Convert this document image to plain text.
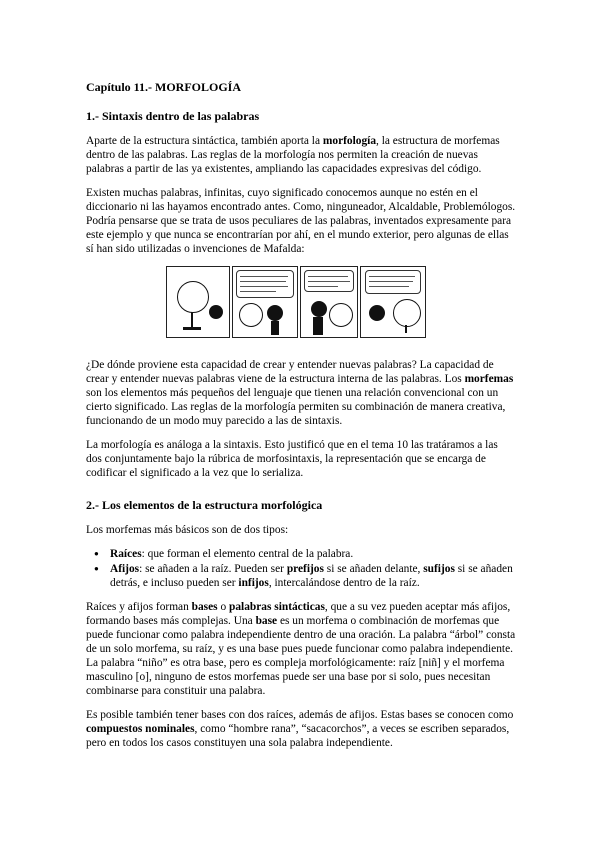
Capítulo 11.- MORFOLOGÍA
1.- Sintaxis dentro de las palabras

Aparte de la estructura sintáctica, también aporta la morfología, la estructura de morfemas dentro de las palabras. Las reglas de la morfología nos permiten la creación de nuevas palabras a partir de las ya existentes, ampliando las capacidades expresivas del código.

Existen muchas palabras, infinitas, cuyo significado conocemos aunque no estén en el diccionario ni las hayamos encontrado antes. Como, ninguneador, Alcaldable, Problemólogos. Podría pensarse que se trata de usos peculiares de las palabras, inventados expresamente para este ejemplo y que nunca se encontrarían por ahí, en el mundo exterior, pero algunas de ellas sí han sido utilizadas o invenciones de Mafalda:

¿De dónde proviene esta capacidad de crear y entender nuevas palabras? La capacidad de crear y entender nuevas palabras viene de la estructura interna de las palabras. Los morfemas son los elementos más pequeños del lenguaje que tienen una relación convencional con un cierto significado. Las reglas de la morfología permiten su combinación de manera creativa, funcionando de un modo muy parecido a las de sintaxis.

La morfología es análoga a la sintaxis. Esto justificó que en el tema 10 las tratáramos a las dos conjuntamente bajo la rúbrica de morfosintaxis, la representación que se encarga de codificar el significado a la vez que lo serializa.

2.- Los elementos de la estructura morfológica

Los morfemas más básicos son de dos tipos:

● Raíces: que forman el elemento central de la palabra.
● Afijos: se añaden a la raíz. Pueden ser prefijos si se añaden delante, sufijos si se añaden detrás, e incluso pueden ser infijos, intercalándose dentro de la raíz.

Raíces y afijos forman bases o palabras sintácticas, que a su vez pueden aceptar más afijos, formando bases más complejas. Una base es un morfema o combinación de morfemas que puede funcionar como palabra independiente dentro de una oración. La palabra “árbol” consta de un solo morfema, su raíz, y es una base pues puede funcionar como palabra independiente. La palabra “niño” es otra base, pero es compleja morfológicamente: raíz [niñ] y el morfema masculino [o], ninguno de estos morfemas puede ser una base por si solo, pues necesitan combinarse para constituir una palabra.

Es posible también tener bases con dos raíces, además de afijos. Estas bases se conocen como compuestos nominales, como “hombre rana”, “sacacorchos”, a veces se escriben separados, pero en todos los casos constituyen una sola palabra independiente.
